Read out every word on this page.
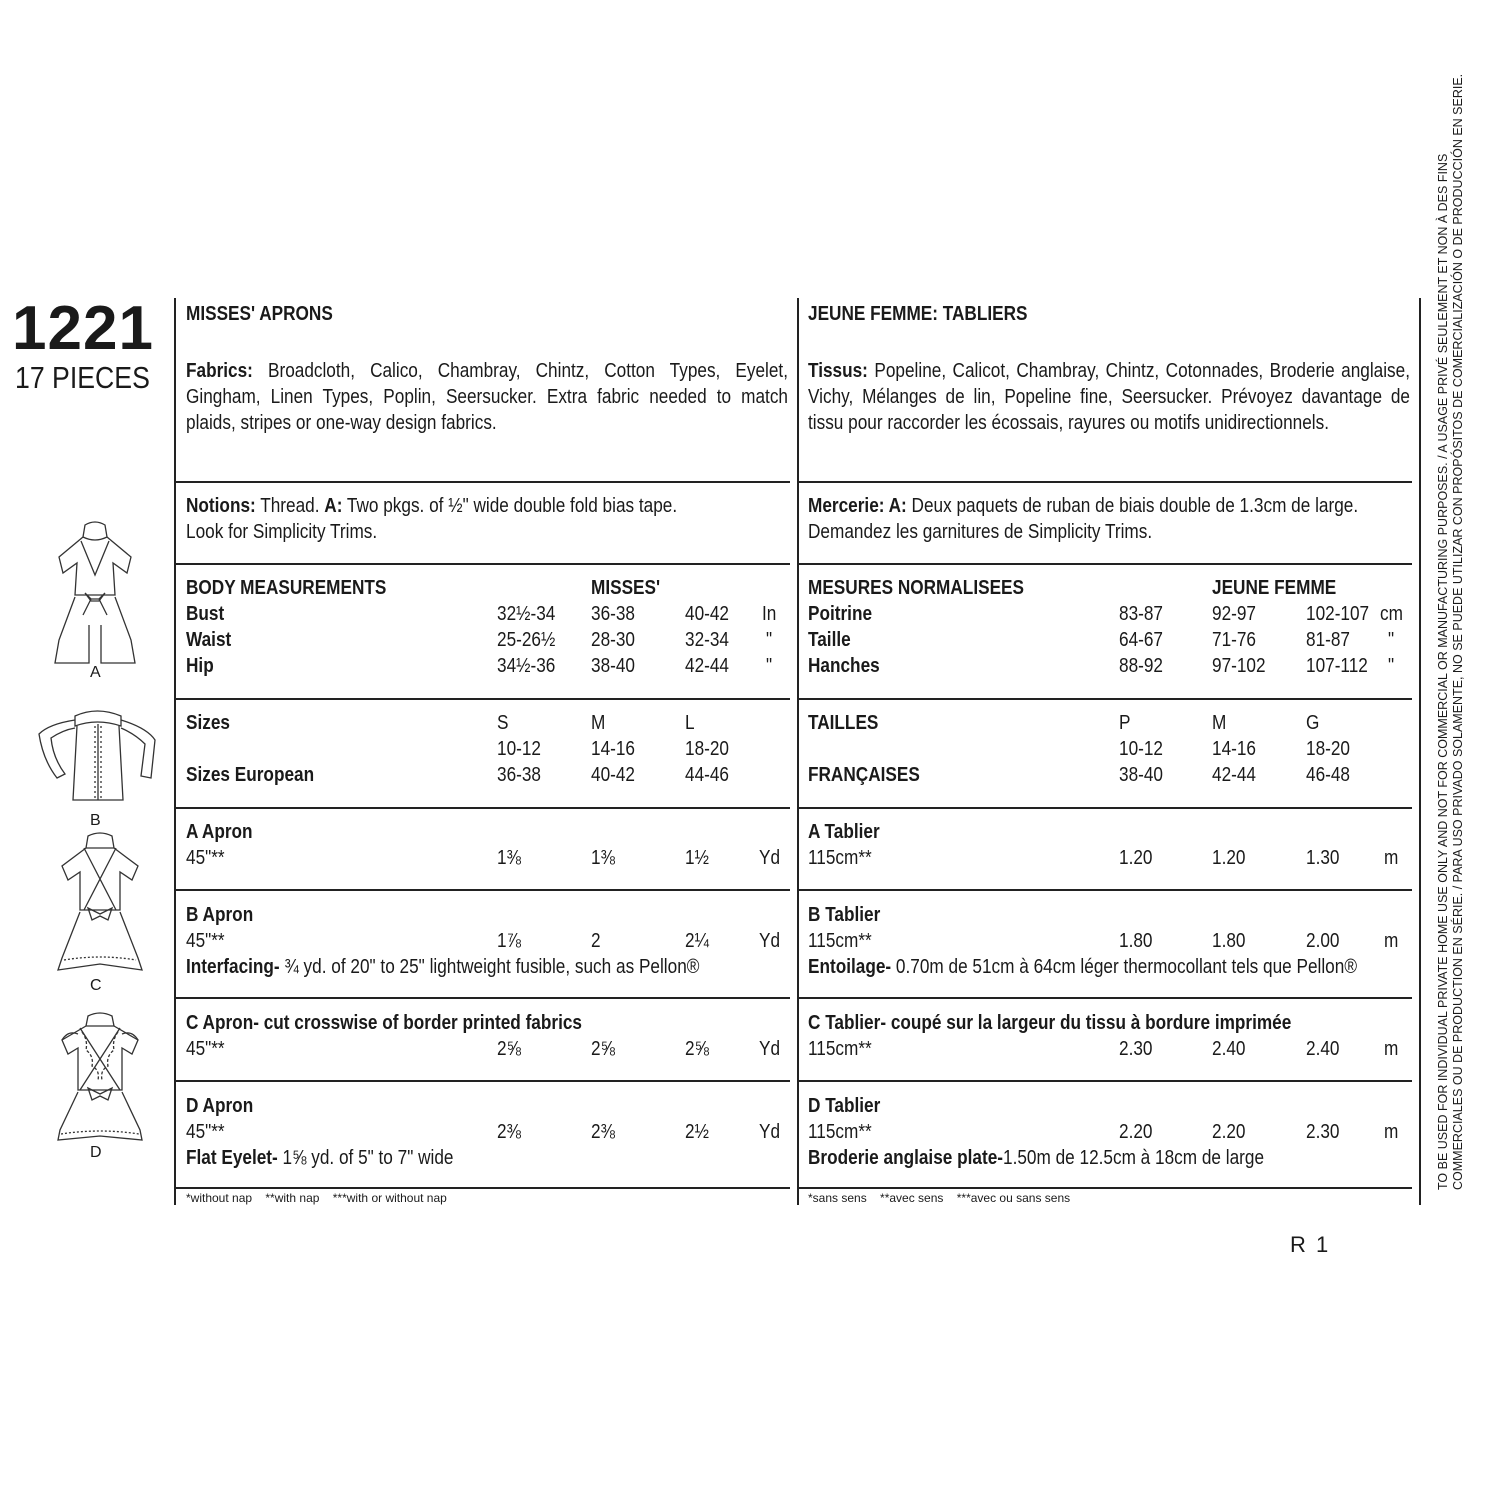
1221
17 PIECES
A
B
C
D
MISSES' APRONS
Fabrics: Broadcloth, Calico, Chambray, Chintz, Cotton Types, Eyelet, Gingham, Linen Types, Poplin, Seersucker. Extra fabric needed to match plaids, stripes or one-way design fabrics.
Notions: Thread. A: Two pkgs. of ½" wide double fold bias tape.
Look for Simplicity Trims.
BODY MEASUREMENTS	MISSES'
Bust	32½-34 36-38	40-42 In
Waist	25-26½ 28-30	32-34 "
Hip	34½-36 38-40	42-44 "
Sizes	S	M	L
10-12	14-16	18-20
Sizes European	36-38	40-42	44-46
A Apron
45"**	1⅜	1⅜	1½	Yd
B Apron
45"**	1⅞	2	2¼	Yd
Interfacing- ¾ yd. of 20" to 25" lightweight fusible, such as Pellon®
C Apron- cut crosswise of border printed fabrics
45"**	2⅝	2⅝	2⅝	Yd
D Apron
45"**	2⅜	2⅜	2½	Yd
Flat Eyelet- 1⅝ yd. of 5" to 7" wide
*without nap    **with nap    ***with or without nap
JEUNE FEMME: TABLIERS
Tissus: Popeline, Calicot, Chambray, Chintz, Cotonnades, Broderie anglaise, Vichy, Mélanges de lin, Popeline fine, Seersucker. Prévoyez davantage de tissu pour raccorder les écossais, rayures ou motifs unidirectionnels.
Mercerie: A: Deux paquets de ruban de biais double de 1.3cm de large.
Demandez les garnitures de Simplicity Trims.
MESURES NORMALISEES	JEUNE FEMME
Poitrine	83-87 92-97	102-107 cm
Taille	64-67 71-76	81-87 "
Hanches	88-92 97-102 107-112 "
TAILLES	P	M	G
10-12 14-16	18-20
FRANÇAISES	38-40 42-44	46-48
A Tablier
115cm**	1.20	1.20	1.30 m
B Tablier
115cm**	1.80	1.80	2.00 m
Entoilage- 0.70m de 51cm à 64cm léger thermocollant tels que Pellon®
C Tablier- coupé sur la largeur du tissu à bordure imprimée
115cm**	2.30	2.40	2.40 m
D Tablier
115cm**	2.20	2.20	2.30 m
Broderie anglaise plate-1.50m de 12.5cm à 18cm de large
*sans sens    **avec sens    ***avec ou sans sens
TO BE USED FOR INDIVIDUAL PRIVATE HOME USE ONLY AND NOT FOR COMMERCIAL OR MANUFACTURING PURPOSES. / A USAGE PRIVÉ SEULEMENT ET NON À DES FINS COMMERCIALES OU DE PRODUCTION EN SÉRIE. / PARA USO PRIVADO SOLAMENTE, NO SE PUEDE UTILIZAR CON PROPÓSITOS DE COMERCIALIZACIÓN O DE PRODUCCIÓN EN SERIE.
R 1
